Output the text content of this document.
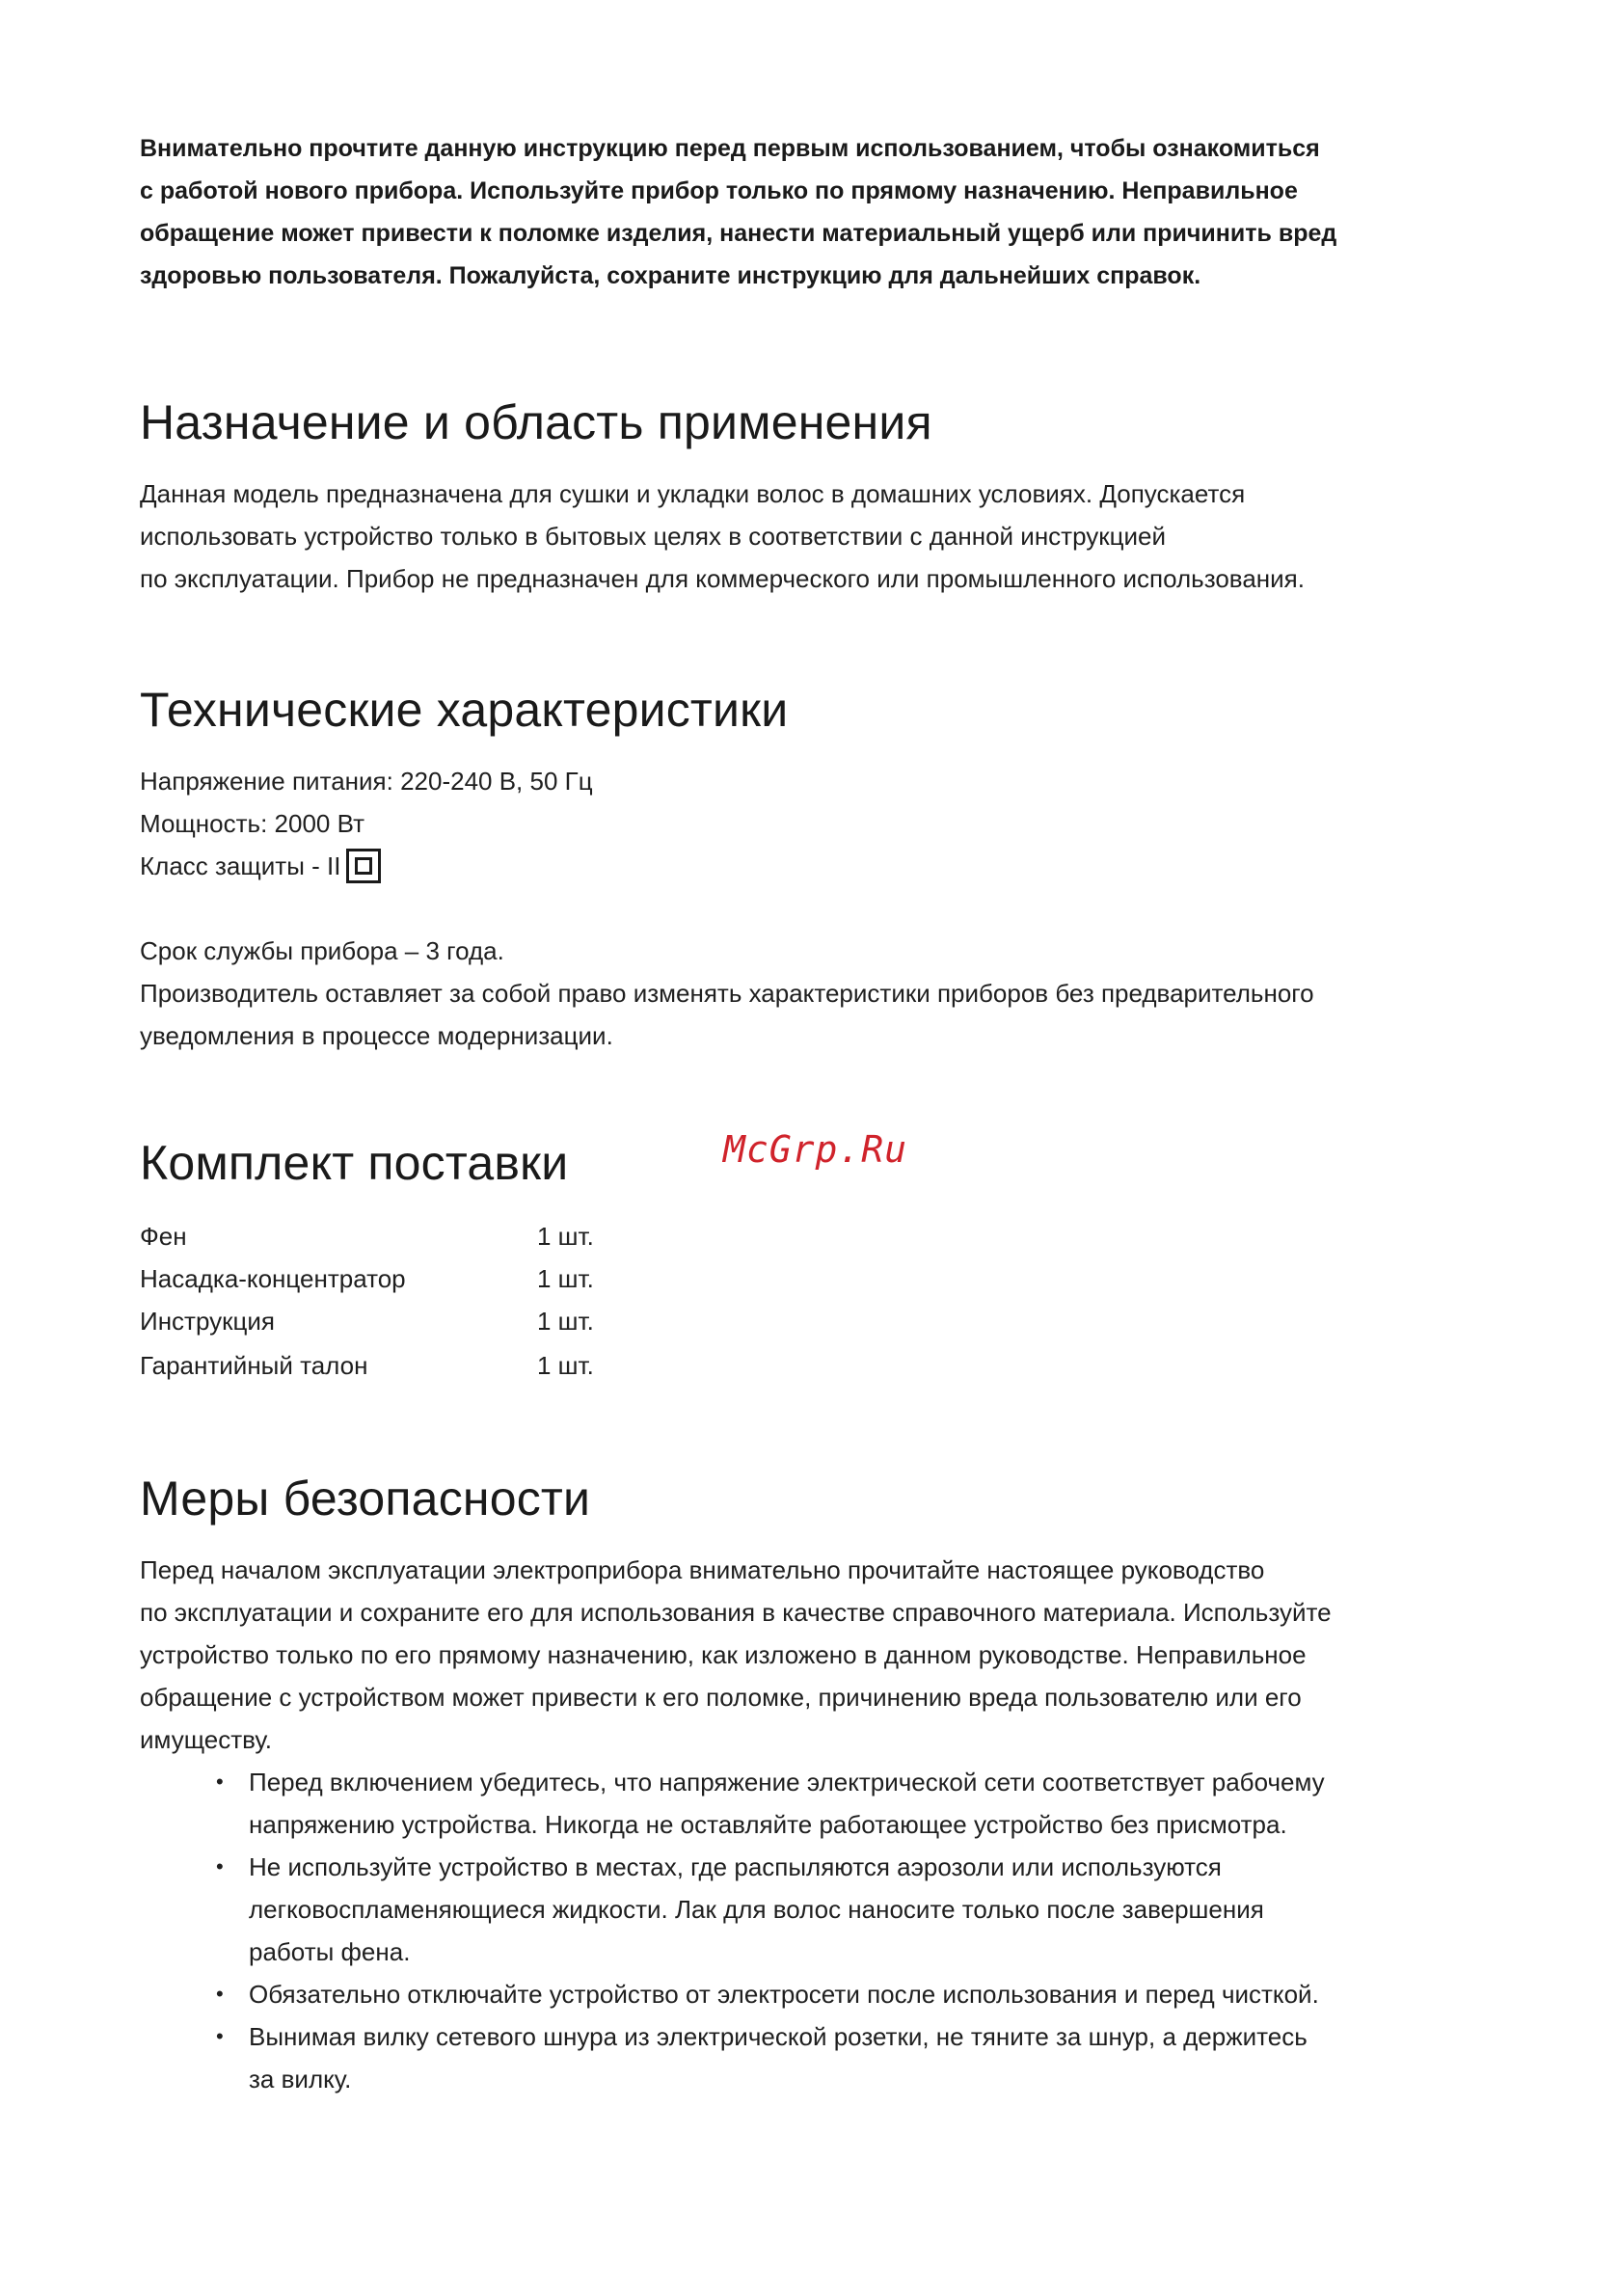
Внимательно прочтите данную инструкцию перед первым использованием, чтобы ознакомиться
с работой нового прибора. Используйте прибор только по прямому назначению. Неправильное
обращение может привести к поломке изделия, нанести материальный ущерб или причинить вред
здоровью пользователя. Пожалуйста, сохраните инструкцию для дальнейших справок.

Назначение и область применения

Данная модель предназначена для сушки и укладки волос в домашних условиях. Допускается
использовать устройство только в бытовых целях в соответствии с данной инструкцией
по эксплуатации. Прибор не предназначен для коммерческого или промышленного использования.

Технические характеристики
Напряжение питания: 220-240 В, 50 Гц
Мощность: 2000 Вт
Класс защиты - II
Срок службы прибора – 3 года.
Производитель оставляет за собой право изменять характеристики приборов без предварительного
уведомления в процессе модернизации.
Комплект поставки
Фен	1 шт.
Насадка-концентратор	1 шт.
Инструкция	1 шт.
Гарантийный талон	1 шт.
Меры безопасности

Перед началом эксплуатации электроприбора внимательно прочитайте настоящее руководство
по эксплуатации и сохраните его для использования в качестве справочного материала. Используйте
устройство только по его прямому назначению, как изложено в данном руководстве. Неправильное
обращение с устройством может привести к его поломке, причинению вреда пользователю или его
имуществу.

• Перед включением убедитесь, что напряжение электрической сети соответствует рабочему
напряжению устройства. Никогда не оставляйте работающее устройство без присмотра.
• Не используйте устройство в местах, где распыляются аэрозоли или используются
легковоспламеняющиеся жидкости. Лак для волос наносите только после завершения
работы фена.
• Обязательно отключайте устройство от электросети после использования и перед чисткой.
• Вынимая вилку сетевого шнура из электрической розетки, не тяните за шнур, а держитесь
за вилку.
McGrp.Ru
